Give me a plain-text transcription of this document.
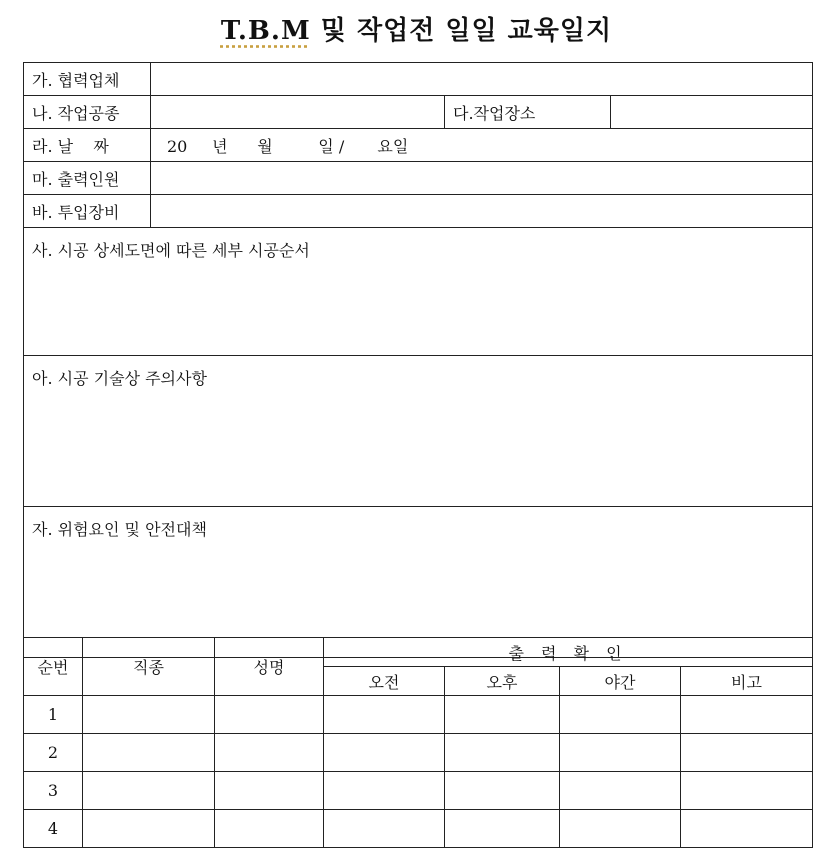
T.B.M 및 작업전 일일 교육일지
가. 협력업체			
나. 작업공종		다.작업장소	
라. 날    짜	20 년 월 일 / 요일		
마. 출력인원			
바. 투입장비			
사. 시공 상세도면에 따른 세부 시공순서			
아. 시공 기술상 주의사항			
자. 위험요인 및 안전대책			
순번	직종	성명	출 력 확 인			
			오전	오후	야간	비고
1						
2						
3						
4						
